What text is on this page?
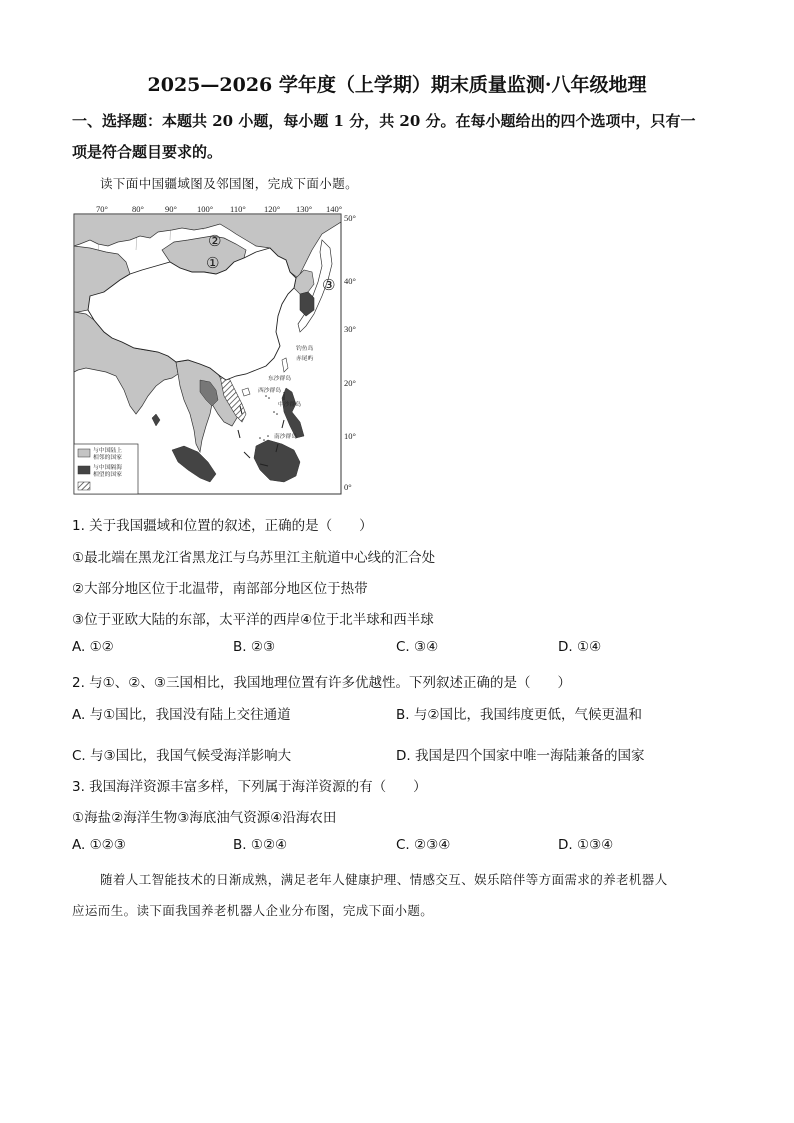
2025—2026 学年度（上学期）期末质量监测·八年级地理
一、选择题：本题共 20 小题，每小题 1 分，共 20 分。在每小题给出的四个选项中，只有一
项是符合题目要求的。
读下面中国疆域图及邻国图，完成下面小题。
70°	80° 90° 100° 110° 120° 130° 140°
50°
40°
30°
20°
10°
0°
钓鱼岛
赤尾屿
东沙群岛
西沙群岛
中沙群岛
南沙群岛
②
①
③
与中国陆上
相邻的国家
与中国隔海
相望的国家
1. 关于我国疆域和位置的叙述，正确的是（　　）
①最北端在黑龙江省黑龙江与乌苏里江主航道中心线的汇合处
②大部分地区位于北温带，南部部分地区位于热带
③位于亚欧大陆的东部，太平洋的西岸④位于北半球和西半球
A. ①②	B. ②③	C. ③④	D. ①④
2. 与①、②、③三国相比，我国地理位置有许多优越性。下列叙述正确的是（　　）
A. 与①国比，我国没有陆上交往通道	B. 与②国比，我国纬度更低，气候更温和
C. 与③国比，我国气候受海洋影响大	D. 我国是四个国家中唯一海陆兼备的国家
3. 我国海洋资源丰富多样，下列属于海洋资源的有（　　）
①海盐②海洋生物③海底油气资源④沿海农田
A. ①②③	B. ①②④	C. ②③④	D. ①③④
随着人工智能技术的日渐成熟，满足老年人健康护理、情感交互、娱乐陪伴等方面需求的养老机器人
应运而生。读下面我国养老机器人企业分布图，完成下面小题。
